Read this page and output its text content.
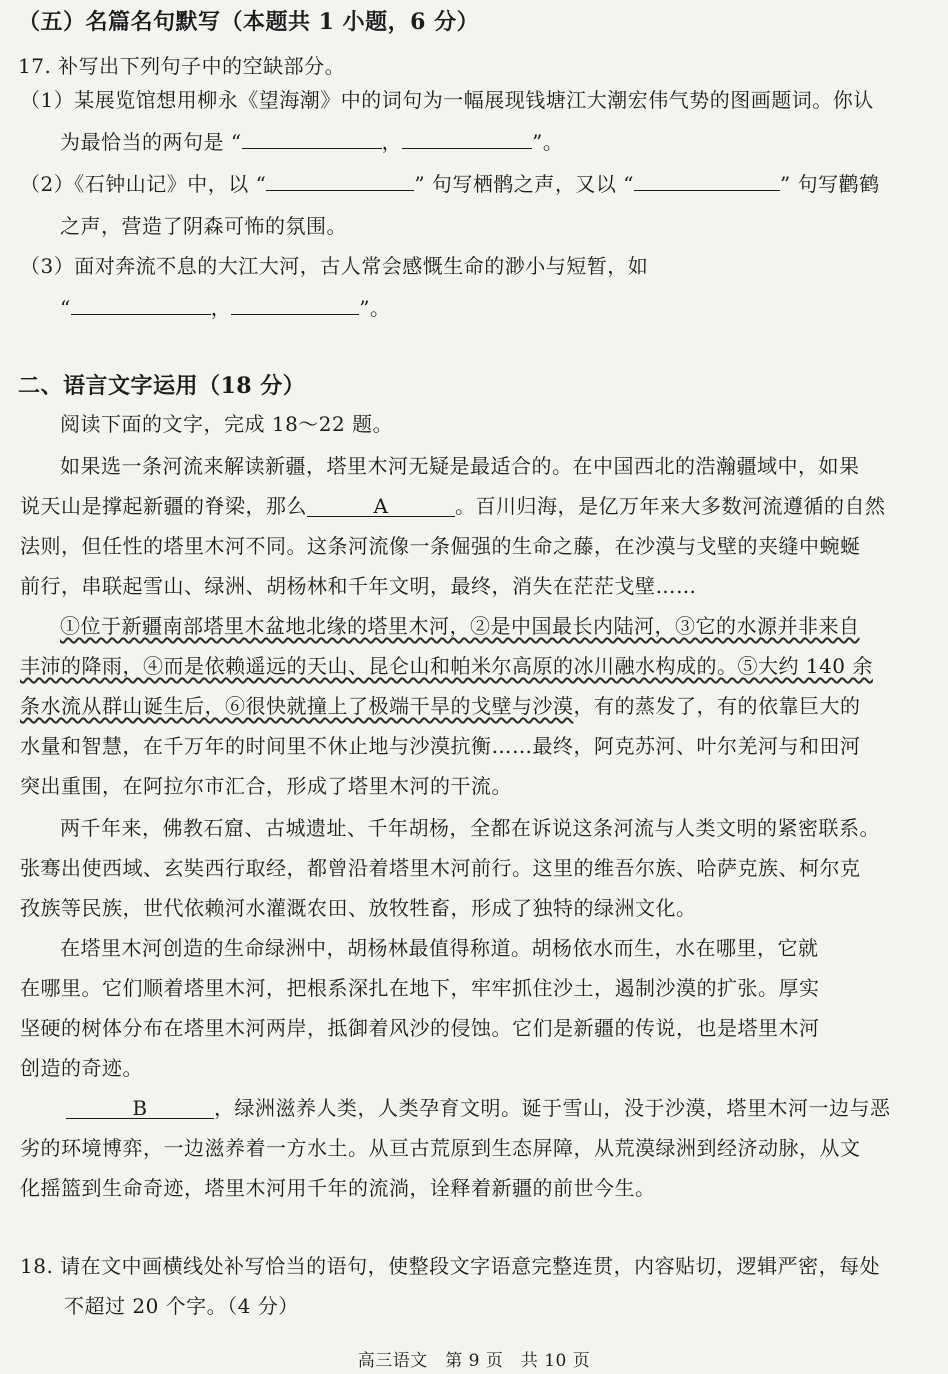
（五）名篇名句默写（本题共 1 小题，6 分）
17. 补写出下列句子中的空缺部分。
（1）某展览馆想用柳永《望海潮》中的词句为一幅展现钱塘江大潮宏伟气势的图画题词。你认
为最恰当的两句是 “	，	”。
（2）《石钟山记》中，以 “	” 句写栖鹘之声，又以 “	” 句写鹳鹤
之声，营造了阴森可怖的氛围。
（3）面对奔流不息的大江大河，古人常会感慨生命的渺小与短暂，如
“	，	”。
二、语言文字运用（18 分）
阅读下面的文字，完成 18～22 题。
如果选一条河流来解读新疆，塔里木河无疑是最适合的。在中国西北的浩瀚疆域中，如果
说天山是撑起新疆的脊梁，那么	A	。百川归海，是亿万年来大多数河流遵循的自然
法则，但任性的塔里木河不同。这条河流像一条倔强的生命之藤，在沙漠与戈壁的夹缝中蜿蜒
前行，串联起雪山、绿洲、胡杨林和千年文明，最终，消失在茫茫戈壁……
①位于新疆南部塔里木盆地北缘的塔里木河，②是中国最长内陆河，③它的水源并非来自
丰沛的降雨，④而是依赖遥远的天山、昆仑山和帕米尔高原的冰川融水构成的。⑤大约 140 余
条水流从群山诞生后，⑥很快就撞上了极端干旱的戈壁与沙漠，有的蒸发了，有的依靠巨大的
水量和智慧，在千万年的时间里不休止地与沙漠抗衡……最终，阿克苏河、叶尔羌河与和田河
突出重围，在阿拉尔市汇合，形成了塔里木河的干流。
两千年来，佛教石窟、古城遗址、千年胡杨，全都在诉说这条河流与人类文明的紧密联系。
张骞出使西域、玄奘西行取经，都曾沿着塔里木河前行。这里的维吾尔族、哈萨克族、柯尔克
孜族等民族，世代依赖河水灌溉农田、放牧牲畜，形成了独特的绿洲文化。
在塔里木河创造的生命绿洲中，胡杨林最值得称道。胡杨依水而生，水在哪里，它就
在哪里。它们顺着塔里木河，把根系深扎在地下，牢牢抓住沙土，遏制沙漠的扩张。厚实
坚硬的树体分布在塔里木河两岸，抵御着风沙的侵蚀。它们是新疆的传说，也是塔里木河
创造的奇迹。
B	，绿洲滋养人类，人类孕育文明。诞于雪山，没于沙漠，塔里木河一边与恶
劣的环境博弈，一边滋养着一方水土。从亘古荒原到生态屏障，从荒漠绿洲到经济动脉，从文
化摇篮到生命奇迹，塔里木河用千年的流淌，诠释着新疆的前世今生。
18. 请在文中画横线处补写恰当的语句，使整段文字语意完整连贯，内容贴切，逻辑严密，每处
不超过 20 个字。（4 分）
高三语文　第 9 页　共 10 页
